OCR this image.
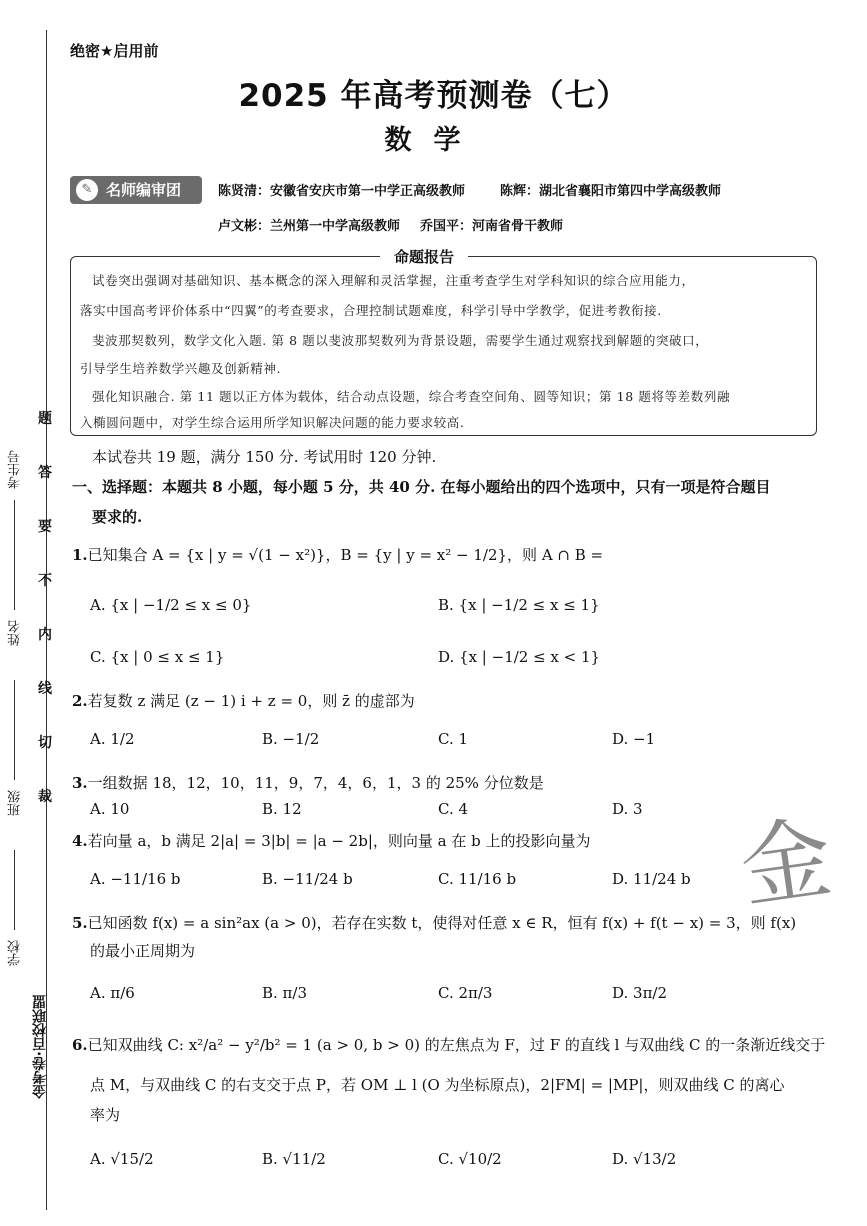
绝密★启用前
2025 年高考预测卷（七）
数学
✎ 名师编审团	陈贤清：安徽省安庆市第一中学正高级教师	陈辉：湖北省襄阳市第四中学高级教师
卢文彬：兰州第一中学高级教师 乔国平：河南省骨干教师
命题报告
试卷突出强调对基础知识、基本概念的深入理解和灵活掌握，注重考查学生对学科知识的综合应用能力，
落实中国高考评价体系中“四翼”的考查要求，合理控制试题难度，科学引导中学教学，促进考教衔接.
斐波那契数列，数学文化入题. 第 8 题以斐波那契数列为背景设题，需要学生通过观察找到解题的突破口，
引导学生培养数学兴趣及创新精神.
强化知识融合. 第 11 题以正方体为载体，结合动点设题，综合考查空间角、圆等知识；第 18 题将等差数列融
入椭圆问题中，对学生综合运用所学知识解决问题的能力要求较高.
本试卷共 19 题，满分 150 分. 考试用时 120 分钟.
一、选择题：本题共 8 小题，每小题 5 分，共 40 分. 在每小题给出的四个选项中，只有一项是符合题目
要求的.
1.已知集合 A = {x | y = √(1 − x²)}，B = {y | y = x² − 1/2}，则 A ∩ B =
A. {x | −1/2 ≤ x ≤ 0}	B. {x | −1/2 ≤ x ≤ 1}
C. {x | 0 ≤ x ≤ 1}	D. {x | −1/2 ≤ x < 1}
2.若复数 z 满足 (z − 1) i + z = 0，则 z̄ 的虚部为
A. 1/2	B. −1/2	C. 1	D. −1
3.一组数据 18，12，10，11，9，7，4，6，1，3 的 25% 分位数是
A. 10	B. 12	C. 4	D. 3
4.若向量 a，b 满足 2|a| = 3|b| = |a − 2b|，则向量 a 在 b 上的投影向量为
A. −11/16 b	B. −11/24 b	C. 11/16 b	D. 11/24 b
5.已知函数 f(x) = a sin²ax (a > 0)，若存在实数 t，使得对任意 x ∈ R，恒有 f(x) + f(t − x) = 3，则 f(x)
的最小正周期为
A. π/6	B. π/3	C. 2π/3	D. 3π/2
6.已知双曲线 C: x²/a² − y²/b² = 1 (a > 0, b > 0) 的左焦点为 F，过 F 的直线 l 与双曲线 C 的一条渐近线交于
点 M，与双曲线 C 的右支交于点 P，若 OM ⊥ l (O 为坐标原点)，2|FM| = |MP|，则双曲线 C 的离心
率为
A. √15/2	B. √11/2	C. √10/2	D. √13/2
金
考生号
姓名
班级
学校
金考卷·百校联盟
题
答
要
不
内
线
切
裁
